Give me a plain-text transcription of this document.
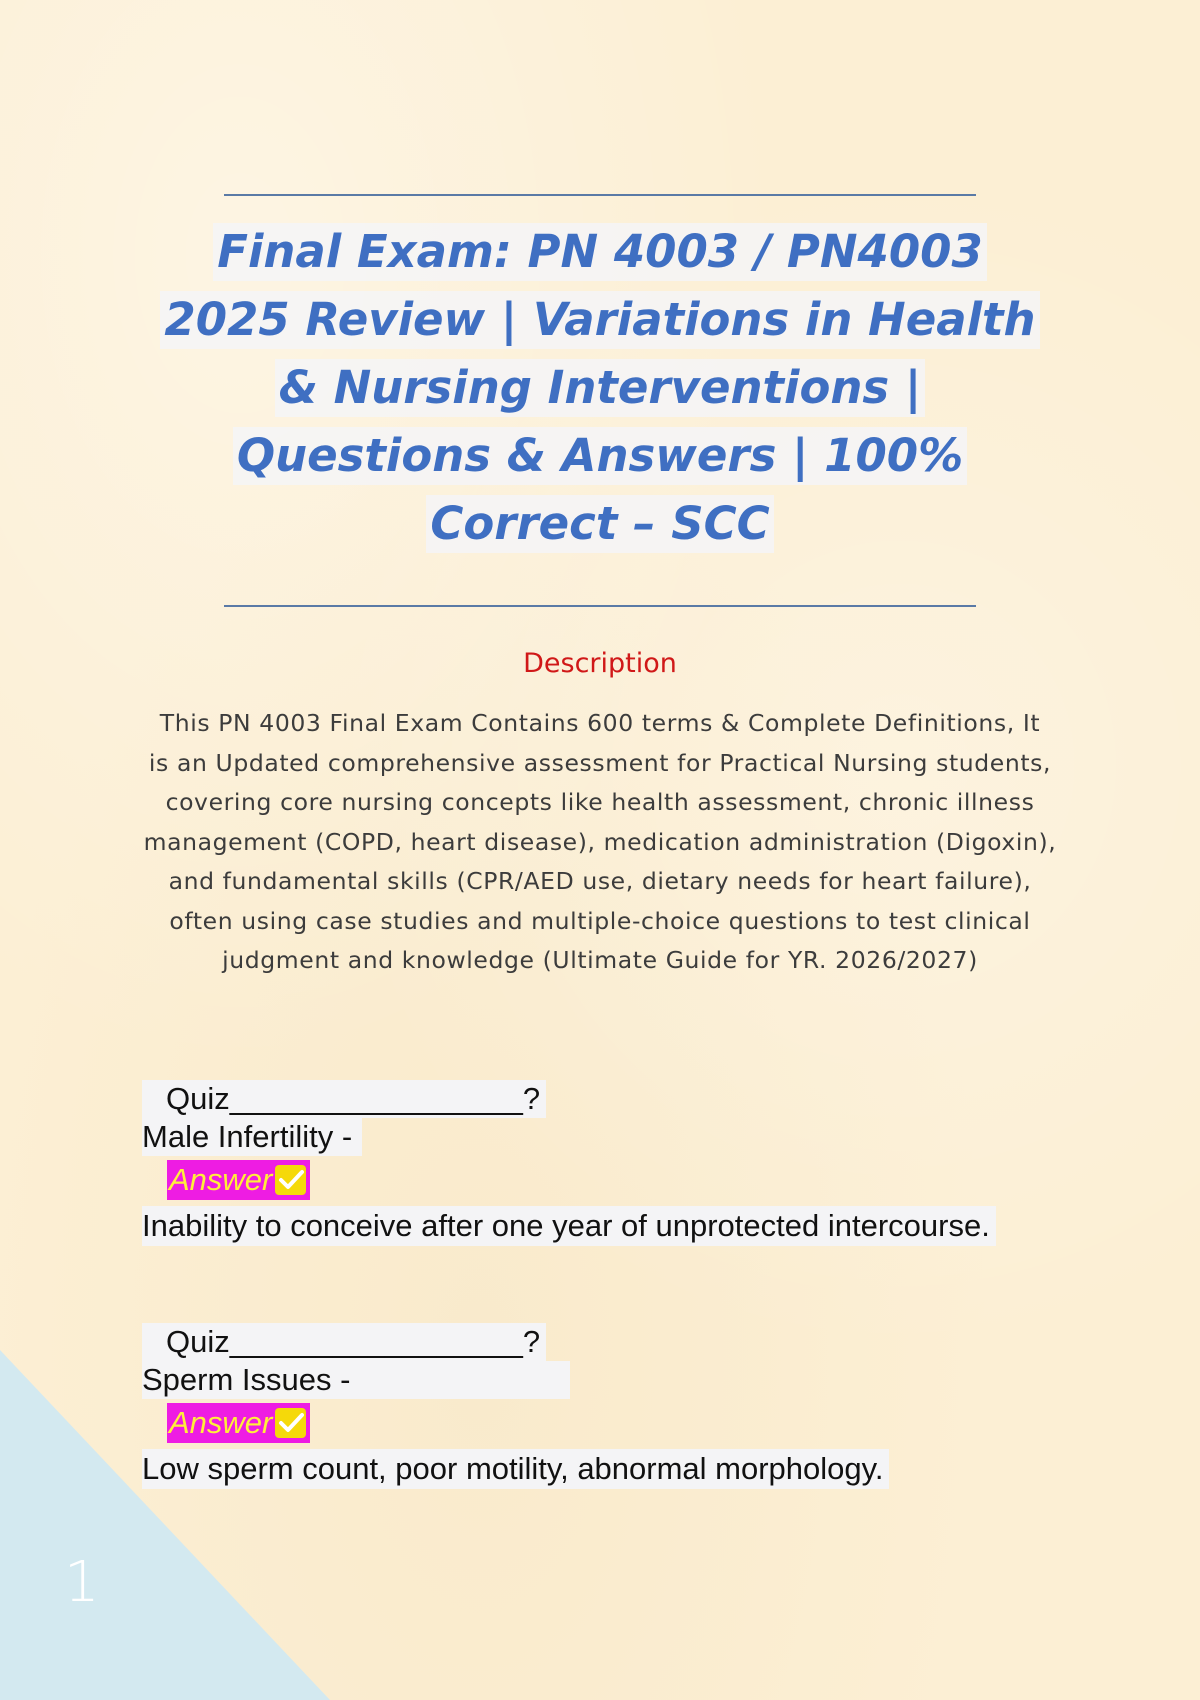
Final Exam: PN 4003 / PN4003
2025 Review | Variations in Health
& Nursing Interventions |
Questions & Answers | 100%
Correct – SCC
Description
This PN 4003 Final Exam Contains 600 terms & Complete Definitions, It
is an Updated comprehensive assessment for Practical Nursing students,
covering core nursing concepts like health assessment, chronic illness
management (COPD, heart disease), medication administration (Digoxin),
and fundamental skills (CPR/AED use, dietary needs for heart failure),
often using case studies and multiple-choice questions to test clinical
judgment and knowledge (Ultimate Guide for YR. 2026/2027)
Quiz_________________?
Male Infertility -
Answer
Inability to conceive after one year of unprotected intercourse.
Quiz_________________?
Sperm Issues -
Answer
Low sperm count, poor motility, abnormal morphology.
1
